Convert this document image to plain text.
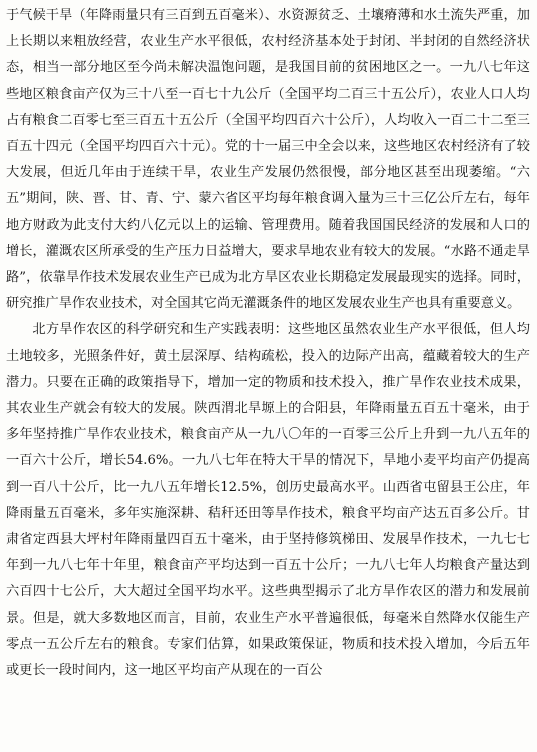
于气候干旱（年降雨量只有三百到五百毫米）、水资源贫乏、土壤瘠薄和水土流失严重，加上长期以来粗放经营，农业生产水平很低，农村经济基本处于封闭、半封闭的自然经济状态，相当一部分地区至今尚未解决温饱问题，是我国目前的贫困地区之一。一九八七年这些地区粮食亩产仅为三十八至一百七十九公斤（全国平均二百三十五公斤），农业人口人均占有粮食二百零七至三百五十五公斤（全国平均四百六十公斤），人均收入一百二十二至三百五十四元（全国平均四百六十元）。党的十一届三中全会以来，这些地区农村经济有了较大发展，但近几年由于连续干旱，农业生产发展仍然很慢，部分地区甚至出现萎缩。“六五”期间，陕、晋、甘、青、宁、蒙六省区平均每年粮食调入量为三十三亿公斤左右，每年地方财政为此支付大约八亿元以上的运输、管理费用。随着我国国民经济的发展和人口的增长，灌溉农区所承受的生产压力日益增大，要求旱地农业有较大的发展。“水路不通走旱路”，依靠旱作技术发展农业生产已成为北方旱区农业长期稳定发展最现实的选择。同时，研究推广旱作农业技术，对全国其它尚无灌溉条件的地区发展农业生产也具有重要意义。

北方旱作农区的科学研究和生产实践表明：这些地区虽然农业生产水平很低，但人均土地较多，光照条件好，黄土层深厚、结构疏松，投入的边际产出高，蕴藏着较大的生产潜力。只要在正确的政策指导下，增加一定的物质和技术投入，推广旱作农业技术成果，其农业生产就会有较大的发展。陕西渭北旱塬上的合阳县，年降雨量五百五十毫米，由于多年坚持推广旱作农业技术，粮食亩产从一九八〇年的一百零三公斤上升到一九八五年的一百六十公斤，增长54.6%。一九八七年在特大干旱的情况下，旱地小麦平均亩产仍提高到一百八十公斤，比一九八五年增长12.5%，创历史最高水平。山西省屯留县王公庄，年降雨量五百毫米，多年实施深耕、秸秆还田等旱作技术，粮食平均亩产达五百多公斤。甘肃省定西县大坪村年降雨量四百五十毫米，由于坚持修筑梯田、发展旱作技术，一九七七年到一九八七年十年里，粮食亩产平均达到一百五十公斤；一九八七年人均粮食产量达到六百四十七公斤，大大超过全国平均水平。这些典型揭示了北方旱作农区的潜力和发展前景。但是，就大多数地区而言，目前，农业生产水平普遍很低，每毫米自然降水仅能生产零点一五公斤左右的粮食。专家们估算，如果政策保证，物质和技术投入增加，今后五年或更长一段时间内，这一地区平均亩产从现在的一百公
